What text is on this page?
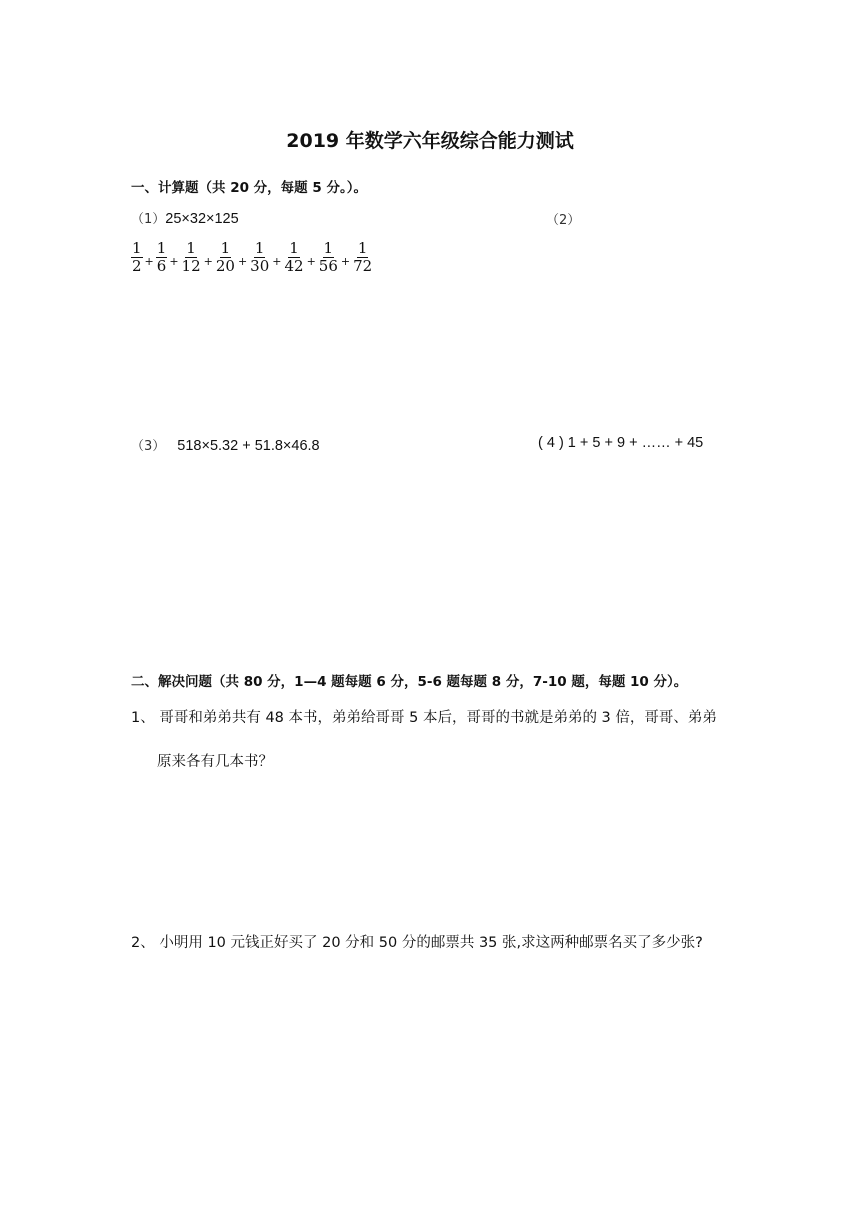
2019 年数学六年级综合能力测试
一、计算题（共 20 分，每题 5 分。）。
（1）25×32×125	（2）
$\frac{1}{2} + \frac{1}{6} + \frac{1}{12} + \frac{1}{20} + \frac{1}{30} + \frac{1}{42} + \frac{1}{56} + \frac{1}{72}$
（3） 518×5.32 + 51.8×46.8	( 4 ) 1 + 5 + 9 + …… + 45
二、解决问题（共 80 分，1—4 题每题 6 分，5-6 题每题 8 分，7-10 题，每题 10 分）。
1、 哥哥和弟弟共有 48 本书，弟弟给哥哥 5 本后，哥哥的书就是弟弟的 3 倍，哥哥、弟弟
原来各有几本书？
2、 小明用 10 元钱正好买了 20 分和 50 分的邮票共 35 张,求这两种邮票名买了多少张?
